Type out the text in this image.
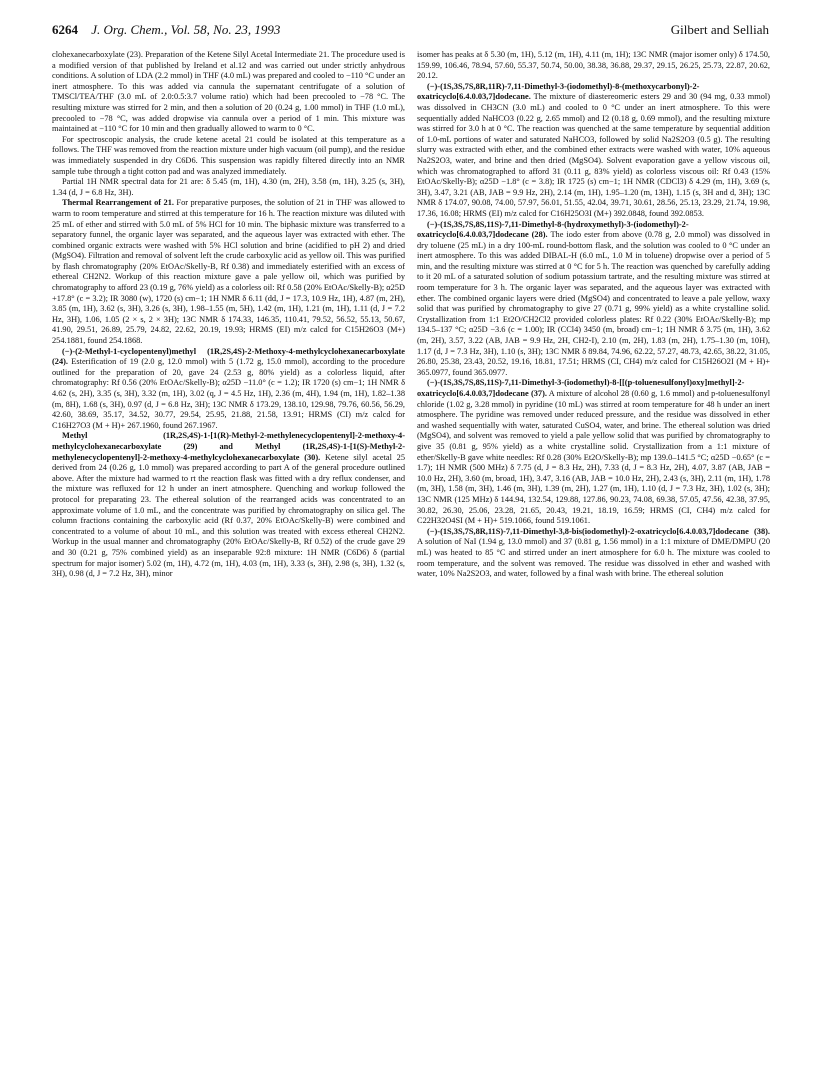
6264 J. Org. Chem., Vol. 58, No. 23, 1993	Gilbert and Selliah

clohexanecarboxylate (23). Preparation of the Ketene Silyl Acetal Intermediate 21. The procedure used is a modified version of that published by Ireland et al.12 and was carried out under strictly anhydrous conditions. A solution of LDA (2.2 mmol) in THF (4.0 mL) was prepared and cooled to −110 °C under an inert atmosphere. To this was added via cannula the supernatant centrifugate of a solution of TMSCl/TEA/THF (3.0 mL of 2.0:0.5:3.7 volume ratio) which had been precooled to −78 °C. The resulting mixture was stirred for 2 min, and then a solution of 20 (0.24 g, 1.00 mmol) in THF (1.0 mL), precooled to −78 °C, was added dropwise via cannula over a period of 1 min. This mixture was maintained at −110 °C for 10 min and then gradually allowed to warm to 0 °C.

For spectroscopic analysis, the crude ketene acetal 21 could be isolated at this temperature as a follows. The THF was removed from the reaction mixture under high vacuum (oil pump), and the residue was immediately suspended in dry C6D6. This suspension was rapidly filtered directly into an NMR sample tube through a tight cotton pad and was analyzed immediately.

Partial 1H NMR spectral data for 21 are: δ 5.45 (m, 1H), 4.30 (m, 2H), 3.58 (m, 1H), 3.25 (s, 3H), 1.34 (d, J = 6.8 Hz, 3H).

Thermal Rearrangement of 21. For preparative purposes, the solution of 21 in THF was allowed to warm to room temperature and stirred at this temperature for 16 h. The reaction mixture was diluted with 25 mL of ether and stirred with 5.0 mL of 5% HCl for 10 min. The biphasic mixture was transferred to a separatory funnel, the organic layer was separated, and the aqueous layer was extracted with ether. The combined organic extracts were washed with 5% HCl solution and brine (acidified to pH 2) and dried (MgSO4). Filtration and removal of solvent left the crude carboxylic acid as yellow oil. This was purified by flash chromatography (20% EtOAc/Skelly-B, Rf 0.38) and immediately esterified with an excess of ethereal CH2N2. Workup of this reaction mixture gave a pale yellow oil, which was purified by chromatography to afford 23 (0.19 g, 76% yield) as a colorless oil: Rf 0.58 (20% EtOAc/Skelly-B); α25D +17.8° (c = 3.2); IR 3080 (w), 1720 (s) cm−1; 1H NMR δ 6.11 (dd, J = 17.3, 10.9 Hz, 1H), 4.87 (m, 2H), 3.85 (m, 1H), 3.62 (s, 3H), 3.26 (s, 3H), 1.98–1.55 (m, 5H), 1.42 (m, 1H), 1.21 (m, 1H), 1.11 (d, J = 7.2 Hz, 3H), 1.06, 1.05 (2 × s, 2 × 3H); 13C NMR δ 174.33, 146.35, 110.41, 79.52, 56.52, 55.13, 50.67, 41.90, 29.51, 26.89, 25.79, 24.82, 22.62, 20.19, 19.93; HRMS (EI) m/z calcd for C15H26O3 (M+) 254.1881, found 254.1868.

(−)-(2-Methyl-1-cyclopentenyl)methyl (1R,2S,4S)-2-Methoxy-4-methylcyclohexanecarboxylate (24). Esterification of 19 (2.0 g, 12.0 mmol) with 5 (1.72 g, 15.0 mmol), according to the procedure outlined for the preparation of 20, gave 24 (2.53 g, 80% yield) as a colorless liquid, after chromatography: Rf 0.56 (20% EtOAc/Skelly-B); α25D −11.0° (c = 1.2); IR 1720 (s) cm−1; 1H NMR δ 4.62 (s, 2H), 3.35 (s, 3H), 3.32 (m, 1H), 3.02 (q, J = 4.5 Hz, 1H), 2.36 (m, 4H), 1.94 (m, 1H), 1.82–1.38 (m, 8H), 1.68 (s, 3H), 0.97 (d, J = 6.8 Hz, 3H); 13C NMR δ 173.29, 138.10, 129.98, 79.76, 60.56, 56.29, 42.60, 38.69, 35.17, 34.52, 30.77, 29.54, 25.95, 21.88, 21.58, 13.91; HRMS (CI) m/z calcd for C16H27O3 (M + H)+ 267.1960, found 267.1967.

Methyl (1R,2S,4S)-1-[1(R)-Methyl-2-methylenecyclopentenyl]-2-methoxy-4-methylcyclohexanecarboxylate (29) and Methyl (1R,2S,4S)-1-[1(S)-Methyl-2-methylenecyclopentenyl]-2-methoxy-4-methylcyclohexanecarboxylate (30). Ketene silyl acetal 25 derived from 24 (0.26 g, 1.0 mmol) was prepared according to part A of the general procedure outlined above. After the mixture had warmed to rt the reaction flask was fitted with a dry reflux condenser, and the mixture was refluxed for 12 h under an inert atmosphere. Quenching and workup followed the protocol for preparating 23. The ethereal solution of the rearranged acids was concentrated to an approximate volume of 1.0 mL, and the concentrate was purified by chromatography on silica gel. The column fractions containing the carboxylic acid (Rf 0.37, 20% EtOAc/Skelly-B) were combined and concentrated to a volume of about 10 mL, and this solution was treated with excess ethereal CH2N2. Workup in the usual manner and chromatography (20% EtOAc/Skelly-B, Rf 0.52) of the crude gave 29 and 30 (0.21 g, 75% combined yield) as an inseparable 92:8 mixture: 1H NMR (C6D6) δ (partial spectrum for major isomer) 5.02 (m, 1H), 4.72 (m, 1H), 4.03 (m, 1H), 3.33 (s, 3H), 2.98 (s, 3H), 1.32 (s, 3H), 0.98 (d, J = 7.2 Hz, 3H), minor

isomer has peaks at δ 5.30 (m, 1H), 5.12 (m, 1H), 4.11 (m, 1H); 13C NMR (major isomer only) δ 174.50, 159.99, 106.46, 78.94, 57.60, 55.37, 50.74, 50.00, 38.38, 36.88, 29.37, 29.15, 26.25, 25.73, 22.87, 20.62, 20.12.

(−)-(1S,3S,7S,8R,11R)-7,11-Dimethyl-3-(iodomethyl)-8-(methoxycarbonyl)-2-oxatricyclo[6.4.0.03,7]dodecane. The mixture of diastereomeric esters 29 and 30 (94 mg, 0.33 mmol) was dissolved in CH3CN (3.0 mL) and cooled to 0 °C under an inert atmosphere. To this were sequentially added NaHCO3 (0.22 g, 2.65 mmol) and I2 (0.18 g, 0.69 mmol), and the resulting mixture was stirred for 3.0 h at 0 °C. The reaction was quenched at the same temperature by sequential addition of 1.0-mL portions of water and saturated NaHCO3, followed by solid Na2S2O3 (0.5 g). The resulting slurry was extracted with ether, and the combined ether extracts were washed with water, 10% aqueous Na2S2O3, water, and brine and then dried (MgSO4). Solvent evaporation gave a yellow viscous oil, which was chromatographed to afford 31 (0.11 g, 83% yield) as colorless viscous oil: Rf 0.43 (15% EtOAc/Skelly-B); α25D −1.8° (c = 3.8); IR 1725 (s) cm−1; 1H NMR (CDCl3) δ 4.29 (m, 1H), 3.69 (s, 3H), 3.47, 3.21 (AB, JAB = 9.9 Hz, 2H), 2.14 (m, 1H), 1.95–1.20 (m, 13H), 1.15 (s, 3H and d, 3H); 13C NMR δ 174.07, 90.08, 74.00, 57.97, 56.01, 51.55, 42.04, 39.71, 30.61, 28.56, 25.13, 23.29, 21.74, 19.98, 17.36, 16.08; HRMS (EI) m/z calcd for C16H25O3I (M+) 392.0848, found 392.0853.

(−)-(1S,3S,7S,8S,11S)-7,11-Dimethyl-8-(hydroxymethyl)-3-(iodomethyl)-2-oxatricyclo[6.4.0.03,7]dodecane (28). The iodo ester from above (0.78 g, 2.0 mmol) was dissolved in dry toluene (25 mL) in a dry 100-mL round-bottom flask, and the solution was cooled to 0 °C under an inert atmosphere. To this was added DIBAL-H (6.0 mL, 1.0 M in toluene) dropwise over a period of 5 min, and the resulting mixture was stirred at 0 °C for 5 h. The reaction was quenched by carefully adding to it 20 mL of a saturated solution of sodium potassium tartrate, and the resulting mixture was stirred at room temperature for 3 h. The organic layer was separated, and the aqueous layer was extracted with ether. The combined organic layers were dried (MgSO4) and concentrated to leave a pale yellow, waxy solid that was purified by chromatography to give 27 (0.71 g, 99% yield) as a white crystalline solid. Crystallization from 1:1 Et2O/CH2Cl2 provided colorless plates: Rf 0.22 (30% EtOAc/Skelly-B); mp 134.5–137 °C; α25D −3.6 (c = 1.00); IR (CCl4) 3450 (m, broad) cm−1; 1H NMR δ 3.75 (m, 1H), 3.62 (m, 2H), 3.57, 3.22 (AB, JAB = 9.9 Hz, 2H, CH2-I), 2.10 (m, 2H), 1.83 (m, 2H), 1.75–1.30 (m, 10H), 1.17 (d, J = 7.3 Hz, 3H), 1.10 (s, 3H); 13C NMR δ 89.84, 74.96, 62.22, 57.27, 48.73, 42.65, 38.22, 31.05, 26.80, 25.38, 23.43, 20.52, 19.16, 18.81, 17.51; HRMS (CI, CH4) m/z calcd for C15H26O2I (M + H)+ 365.0977, found 365.0977.

(−)-(1S,3S,7S,8S,11S)-7,11-Dimethyl-3-(iodomethyl)-8-[[(p-toluenesulfonyl)oxy]methyl]-2-oxatricyclo[6.4.0.03,7]dodecane (37). A mixture of alcohol 28 (0.60 g, 1.6 mmol) and p-toluenesulfonyl chloride (1.02 g, 3.28 mmol) in pyridine (10 mL) was stirred at room temperature for 48 h under an inert atmosphere. The pyridine was removed under reduced pressure, and the residue was dissolved in ether and washed sequentially with water, saturated CuSO4, water, and brine. The ethereal solution was dried (MgSO4), and solvent was removed to yield a pale yellow solid that was purified by chromatography to give 35 (0.81 g, 95% yield) as a white crystalline solid. Crystallization from a 1:1 mixture of ether/Skelly-B gave white needles: Rf 0.28 (30% Et2O/Skelly-B); mp 139.0–141.5 °C; α25D −0.65° (c = 1.7); 1H NMR (500 MHz) δ 7.75 (d, J = 8.3 Hz, 2H), 7.33 (d, J = 8.3 Hz, 2H), 4.07, 3.87 (AB, JAB = 10.0 Hz, 2H), 3.60 (m, broad, 1H), 3.47, 3.16 (AB, JAB = 10.0 Hz, 2H), 2.43 (s, 3H), 2.11 (m, 1H), 1.78 (m, 3H), 1.58 (m, 3H), 1.46 (m, 3H), 1.39 (m, 2H), 1.27 (m, 1H), 1.10 (d, J = 7.3 Hz, 3H), 1.02 (s, 3H); 13C NMR (125 MHz) δ 144.94, 132.54, 129.88, 127.86, 90.23, 74.08, 69.38, 57.05, 47.56, 42.38, 37.95, 30.82, 26.30, 25.06, 23.28, 21.65, 20.43, 19.21, 18.19, 16.59; HRMS (CI, CH4) m/z calcd for C22H32O4SI (M + H)+ 519.1066, found 519.1061.

(−)-(1S,3S,7S,8R,11S)-7,11-Dimethyl-3,8-bis(iodomethyl)-2-oxatricyclo[6.4.0.03,7]dodecane (38). A solution of NaI (1.94 g, 13.0 mmol) and 37 (0.81 g, 1.56 mmol) in a 1:1 mixture of DME/DMPU (20 mL) was heated to 85 °C and stirred under an inert atmosphere for 6.0 h. The mixture was cooled to room temperature, and the solvent was removed. The residue was dissolved in ether and washed with water, 10% Na2S2O3, and water, followed by a final wash with brine. The ethereal solution
